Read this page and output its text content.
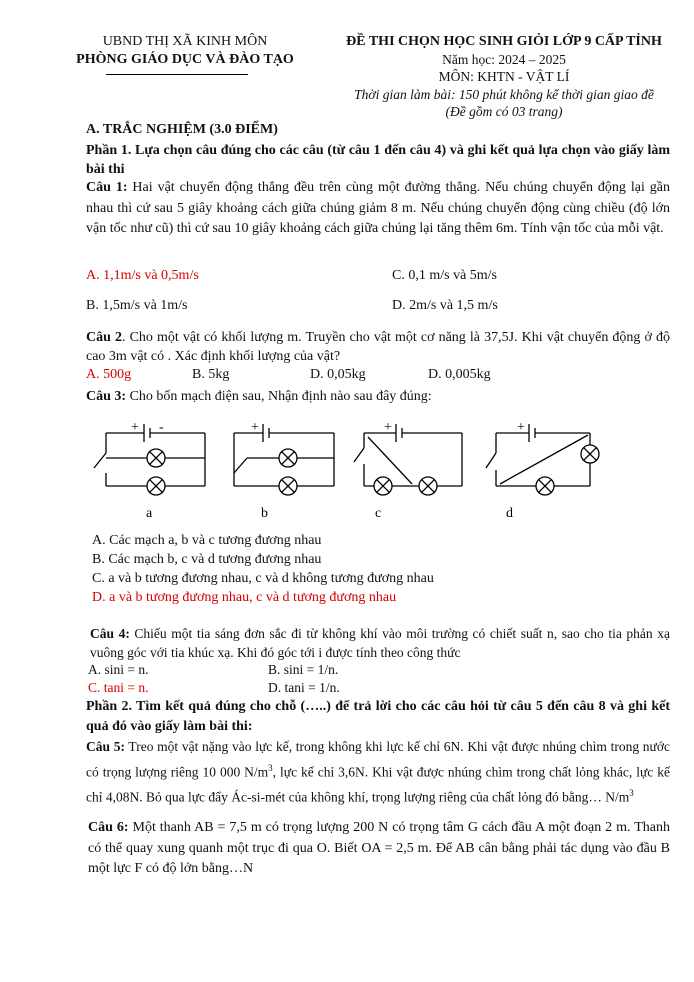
UBND THỊ XÃ KINH MÔN
PHÒNG GIÁO DỤC VÀ ĐÀO TẠO
ĐỀ THI CHỌN HỌC SINH GIỎI LỚP 9 CẤP TỈNH
Năm học: 2024 – 2025
MÔN: KHTN - VẬT LÍ
Thời gian làm bài: 150 phút không kể thời gian giao đề
(Đề gồm có 03 trang)
A. TRẮC NGHIỆM (3.0 ĐIỂM)
Phần 1. Lựa chọn câu đúng cho các câu (từ câu 1 đến câu 4) và ghi kết quả lựa chọn vào giấy làm bài thi
Câu 1: Hai vật chuyển động thẳng đều trên cùng một đường thẳng. Nếu chúng chuyển động lại gần nhau thì cứ sau 5 giây khoảng cách giữa chúng giảm 8 m. Nếu chúng chuyển động cùng chiều (độ lớn vận tốc như cũ) thì cứ sau 10 giây khoảng cách giữa chúng lại tăng thêm 6m. Tính vận tốc của mỗi vật.
A. 1,1m/s và 0,5m/s	C. 0,1 m/s và 5m/s
B. 1,5m/s và 1m/s	D. 2m/s và 1,5 m/s
Câu 2. Cho một vật có khối lượng m. Truyền cho vật một cơ năng là 37,5J. Khi vật chuyển động ở độ cao 3m vật có . Xác định khối lượng của vật?
A. 500g	B. 5kg	D. 0,05kg	D. 0,005kg
Câu 3: Cho bốn mạch điện sau, Nhận định nào sau đây đúng:
+ -	+	+	+
a	b	c	d
A. Các mạch a, b và c tương đương nhau
B. Các mạch b, c và d tương đương nhau
C. a và b tương đương nhau, c và d không tương đương nhau
D. a và b tương đương nhau, c và d tương đương nhau
Câu 4: Chiếu một tia sáng đơn sắc đi từ không khí vào môi trường có chiết suất n, sao cho tia phản xạ vuông góc với tia khúc xạ. Khi đó góc tới i được tính theo công thức
A. sini = n.	B. sini = 1/n.
C. tani = n.	D. tani = 1/n.
Phần 2. Tìm kết quả đúng cho chỗ (…..) để trả lời cho các câu hỏi từ câu 5 đến câu 8 và ghi kết quả đó vào giấy làm bài thi:
Câu 5: Treo một vật nặng vào lực kế, trong không khi lực kế chỉ 6N. Khi vật được nhúng chìm trong nước có trọng lượng riêng 10 000 $N/m^3$, lực kế chỉ 3,6N. Khi vật được nhúng chìm trong chất lỏng khác, lực kế chỉ 4,08N. Bỏ qua lực đẩy Ác-si-mét của không khí, trọng lượng riêng của chất lỏng đó bằng… $N/m^3$
Câu 6: Một thanh AB = 7,5 m có trọng lượng 200 N có trọng tâm G cách đầu A một đoạn 2 m. Thanh có thể quay xung quanh một trục đi qua O. Biết OA = 2,5 m. Để AB cân bằng phải tác dụng vào đầu B một lực F có độ lớn bằng…N
